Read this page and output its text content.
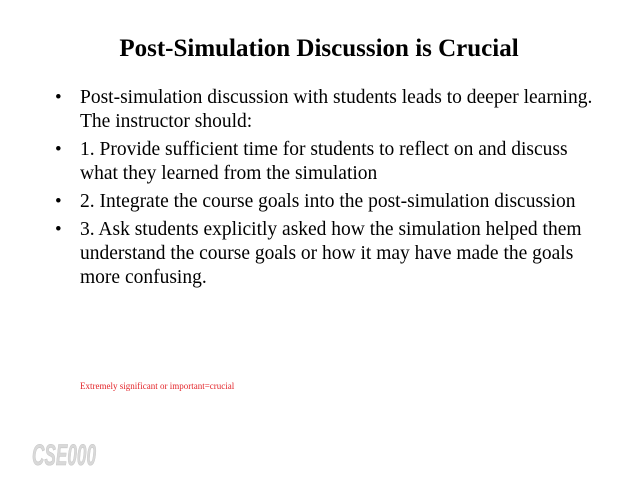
Post-Simulation Discussion is Crucial
• Post-simulation discussion with students leads to deeper learning. The instructor should:
• 1. Provide sufficient time for students to reflect on and discuss what they learned from the simulation
• 2. Integrate the course goals into the post-simulation discussion
• 3. Ask students explicitly asked how the simulation helped them understand the course goals or how it may have made the goals more confusing.
Extremely significant or important=crucial
CSE000
